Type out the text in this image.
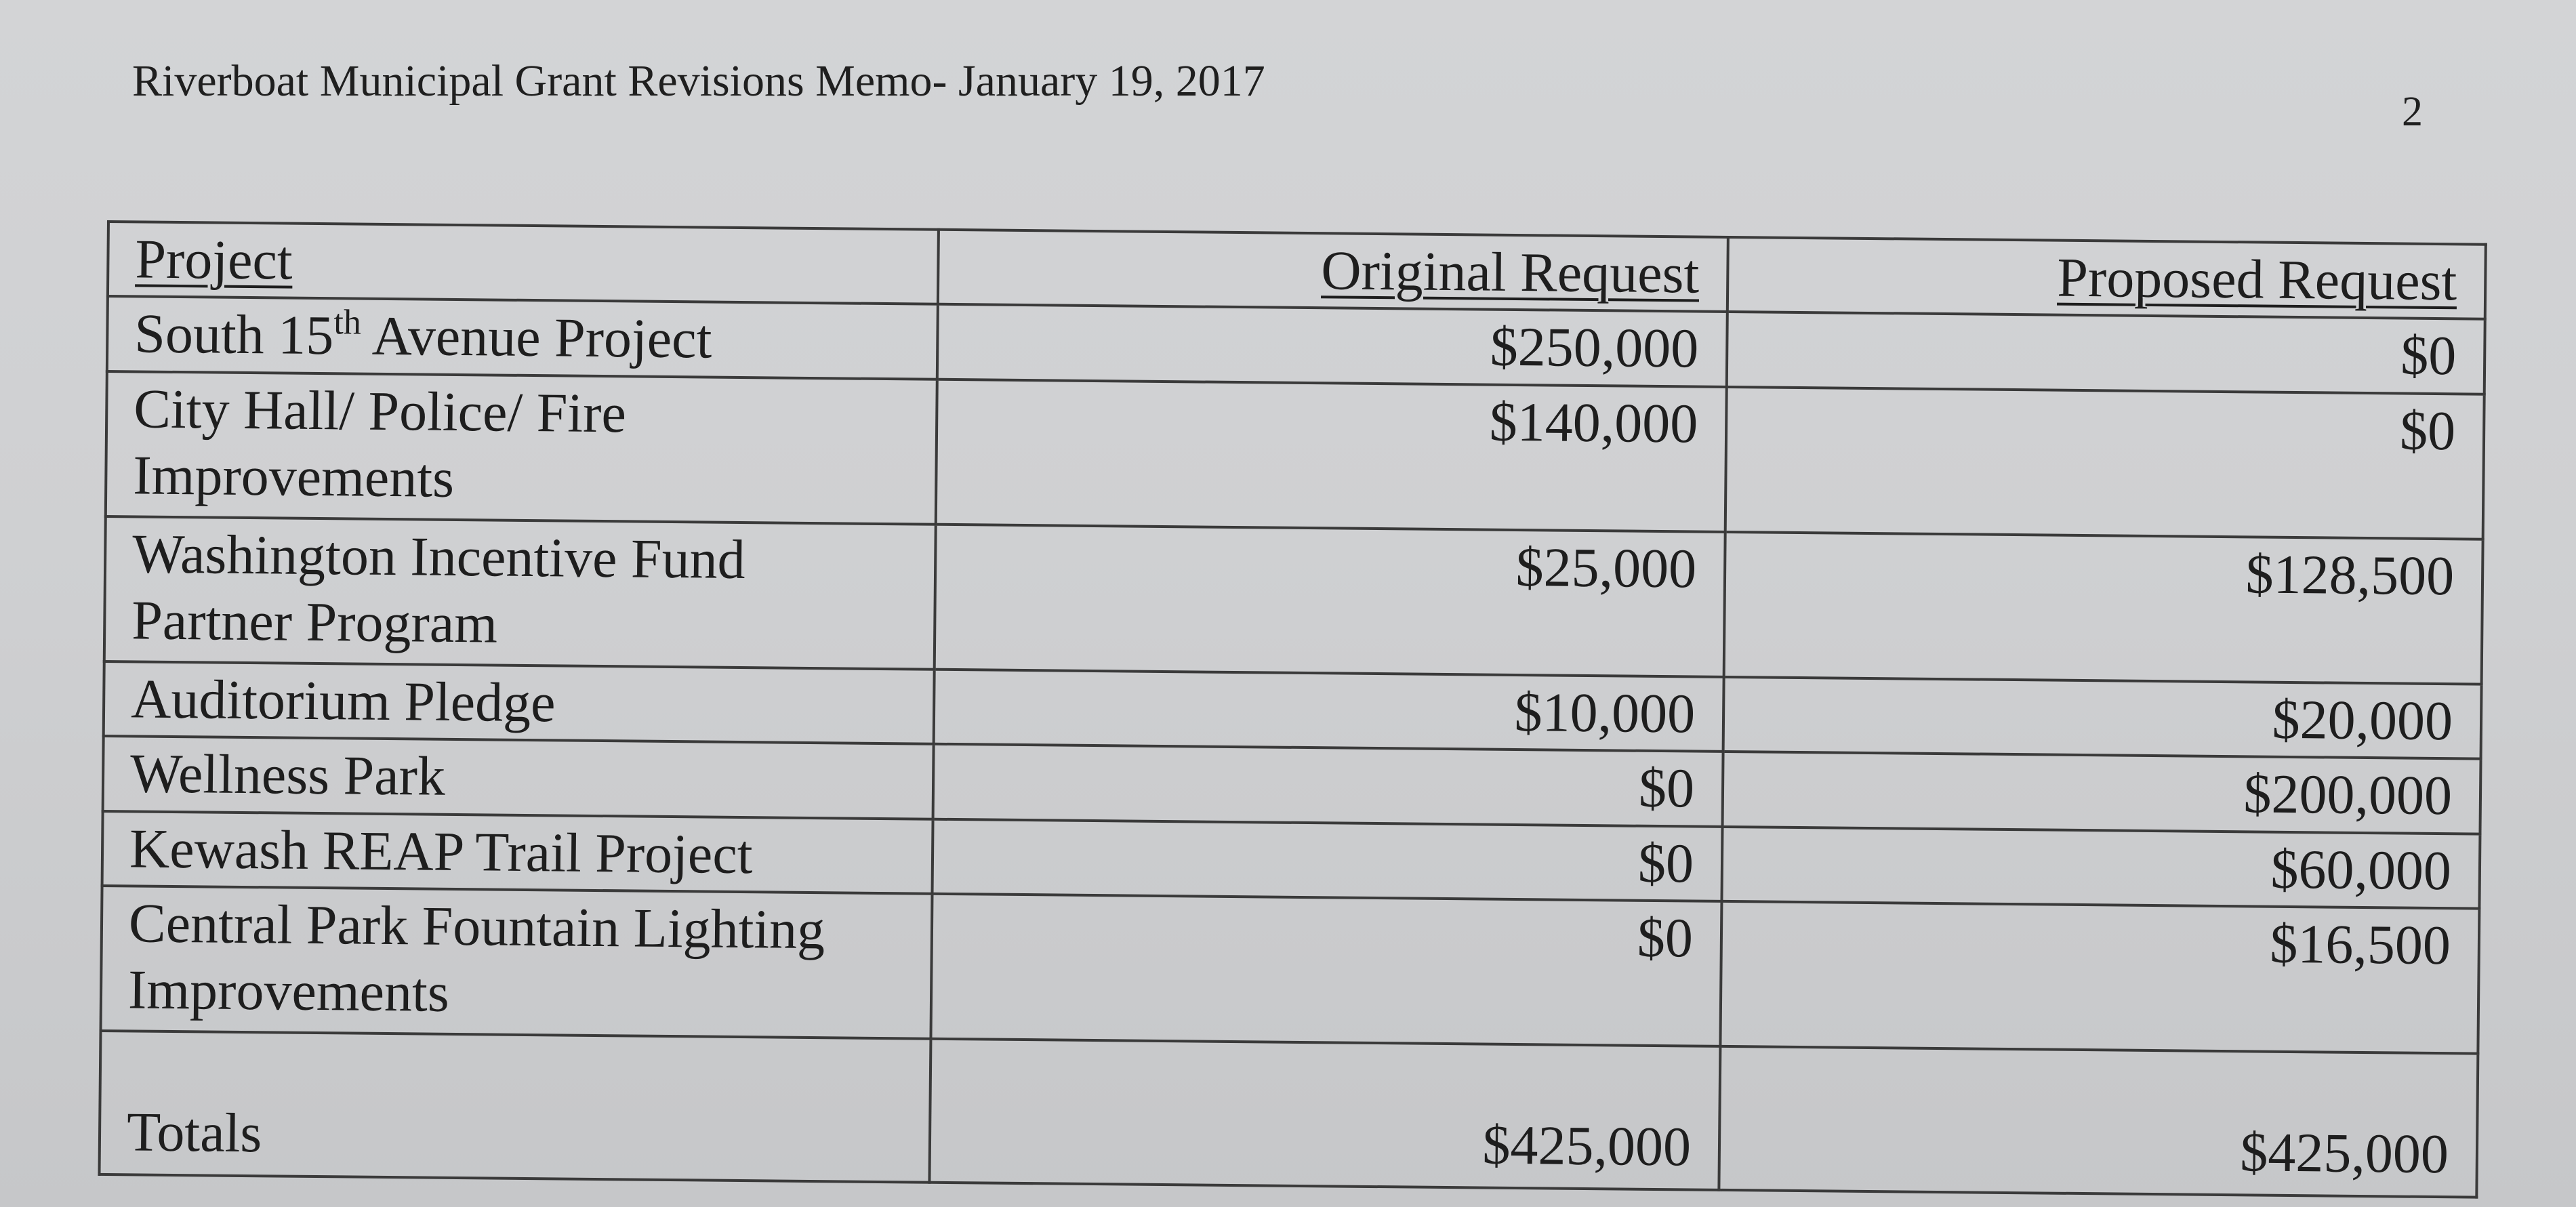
Riverboat Municipal Grant Revisions Memo- January 19, 2017
2
Project	Original Request	Proposed Request
South 15th Avenue Project	$250,000	$0
City Hall/ Police/ Fire Improvements	$140,000	$0
Washington Incentive Fund Partner Program	$25,000	$128,500
Auditorium Pledge	$10,000	$20,000
Wellness Park	$0	$200,000
Kewash REAP Trail Project	$0	$60,000
Central Park Fountain Lighting Improvements	$0	$16,500
Totals	$425,000	$425,000
